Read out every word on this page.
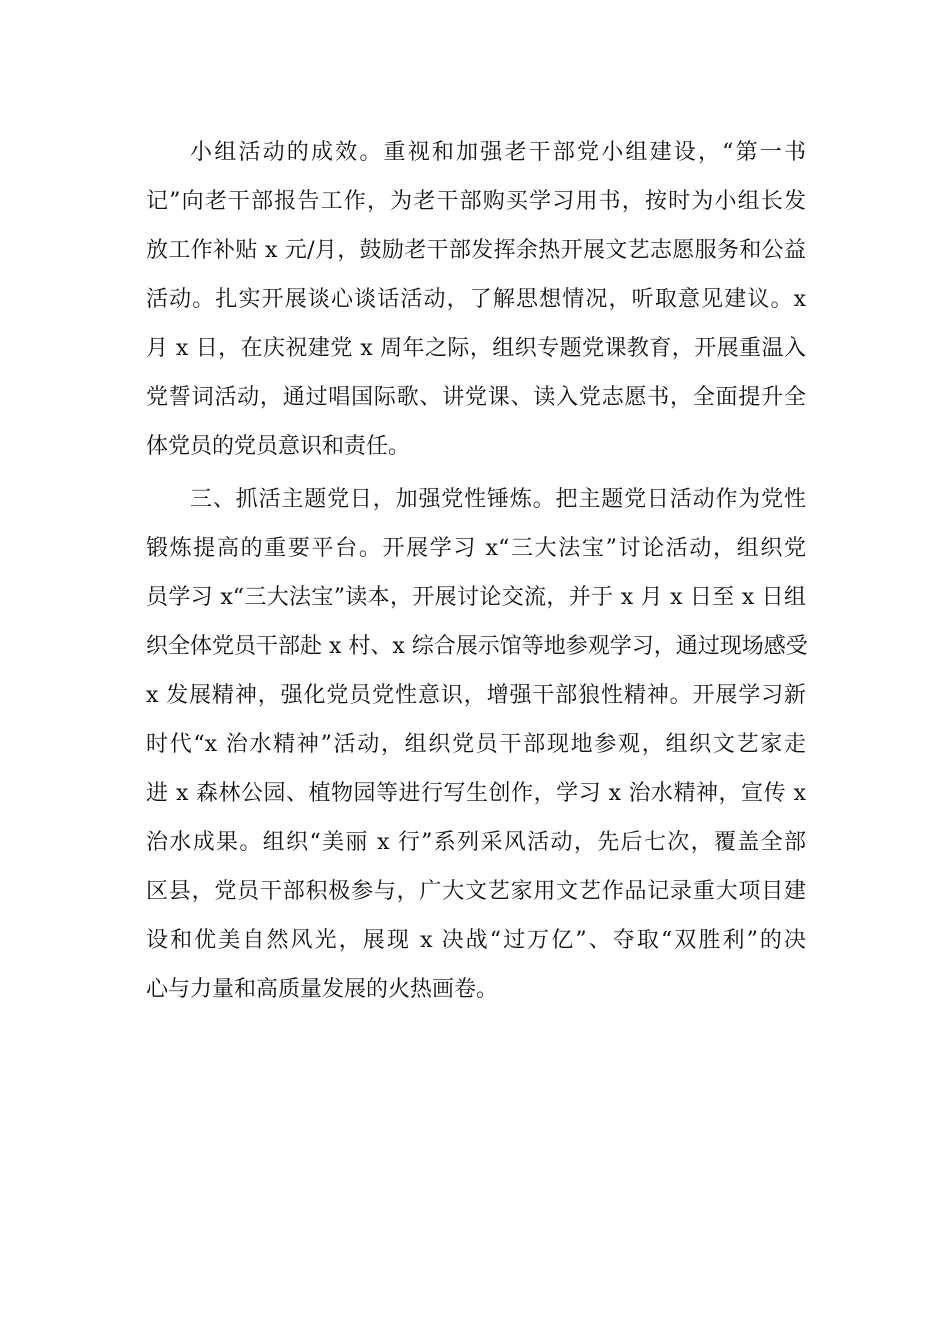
小组活动的成效。重视和加强老干部党小组建设，“第一书
记”向老干部报告工作，为老干部购买学习用书，按时为小组长发
放工作补贴 x 元/月，鼓励老干部发挥余热开展文艺志愿服务和公益
活动。扎实开展谈心谈话活动，了解思想情况，听取意见建议。x
月 x 日，在庆祝建党 x 周年之际，组织专题党课教育，开展重温入
党誓词活动，通过唱国际歌、讲党课、读入党志愿书，全面提升全
体党员的党员意识和责任。
三、抓活主题党日，加强党性锤炼。把主题党日活动作为党性
锻炼提高的重要平台。开展学习 x“三大法宝”讨论活动，组织党
员学习 x“三大法宝”读本，开展讨论交流，并于 x 月 x 日至 x 日组
织全体党员干部赴 x 村、x 综合展示馆等地参观学习，通过现场感受
x 发展精神，强化党员党性意识，增强干部狼性精神。开展学习新
时代“x 治水精神”活动，组织党员干部现地参观，组织文艺家走
进 x 森林公园、植物园等进行写生创作，学习 x 治水精神，宣传 x
治水成果。组织“美丽 x 行”系列采风活动，先后七次，覆盖全部
区县，党员干部积极参与，广大文艺家用文艺作品记录重大项目建
设和优美自然风光，展现 x 决战“过万亿”、夺取“双胜利”的决
心与力量和高质量发展的火热画卷。
